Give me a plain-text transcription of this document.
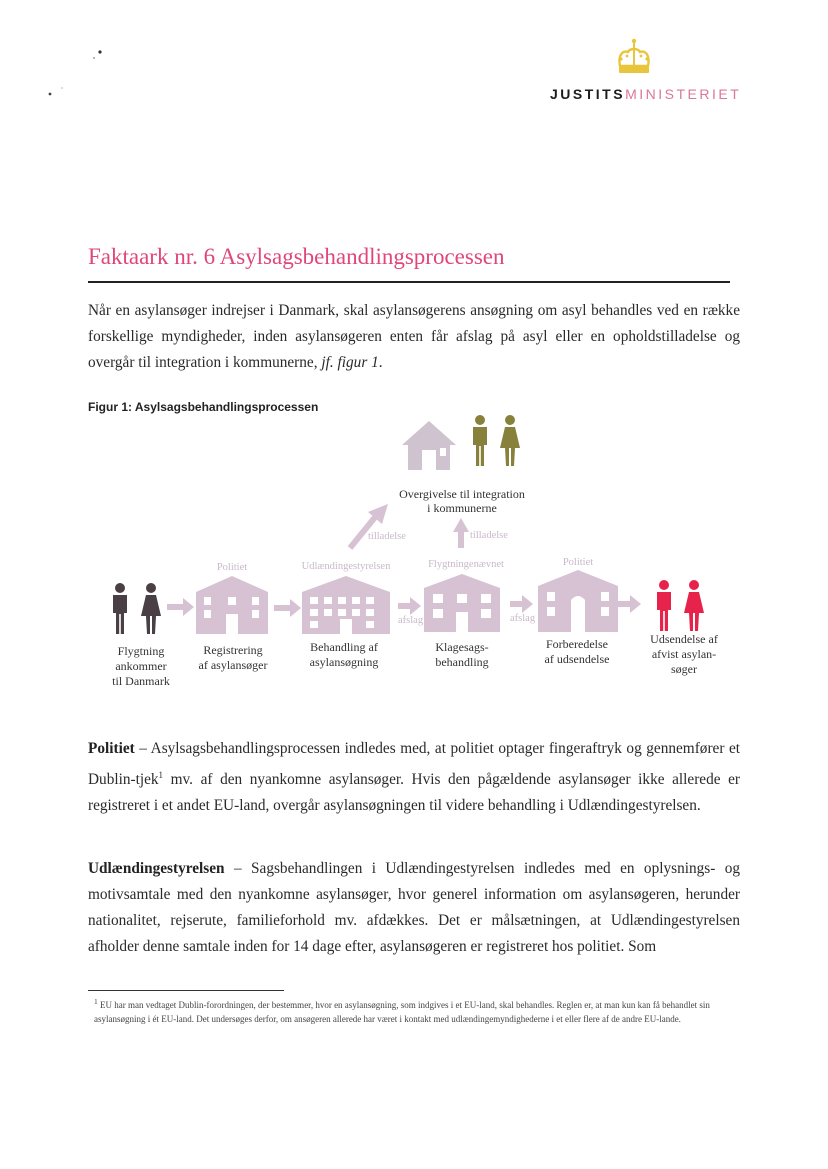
JUSTITSMINISTERIET
Faktaark nr. 6 Asylsagsbehandlingsprocessen
Når en asylansøger indrejser i Danmark, skal asylansøgerens ansøgning om asyl behandles ved en række forskellige myndigheder, inden asylansøgeren enten får afslag på asyl eller en opholdstilladelse og overgår til integration i kommunerne, jf. figur 1.
Figur 1: Asylsagsbehandlingsprocessen
Overgivelse til integration
i kommunerne
tilladelse	tilladelse
Politiet	Udlændingestyrelsen	Flygtningenævnet	Politiet
afslag	afslag
Flygtning
ankommer
til Danmark
Registrering
af asylansøger
Behandling af
asylansøgning
Klagesags-
behandling
Forberedelse
af udsendelse
Udsendelse af
afvist asylan-
søger
Politiet – Asylsagsbehandlingsprocessen indledes med, at politiet optager fingeraftryk og gennemfører et Dublin-tjek$^1$ mv. af den nyankomne asylansøger. Hvis den pågældende asylansøger ikke allerede er registreret i et andet EU-land, overgår asylansøgningen til videre behandling i Udlændingestyrelsen.
Udlændingestyrelsen – Sagsbehandlingen i Udlændingestyrelsen indledes med en oplysnings- og motivsamtale med den nyankomne asylansøger, hvor generel information om asylansøgeren, herunder nationalitet, rejserute, familieforhold mv. afdækkes. Det er målsætningen, at Udlændingestyrelsen afholder denne samtale inden for 14 dage efter, asylansøgeren er registreret hos politiet. Som
$^1$ EU har man vedtaget Dublin-forordningen, der bestemmer, hvor en asylansøgning, som indgives i et EU-land, skal behandles. Reglen er, at man kun kan få behandlet sin asylansøgning i ét EU-land. Det undersøges derfor, om ansøgeren allerede har været i kontakt med udlændingemyndighederne i et eller flere af de andre EU-lande.
